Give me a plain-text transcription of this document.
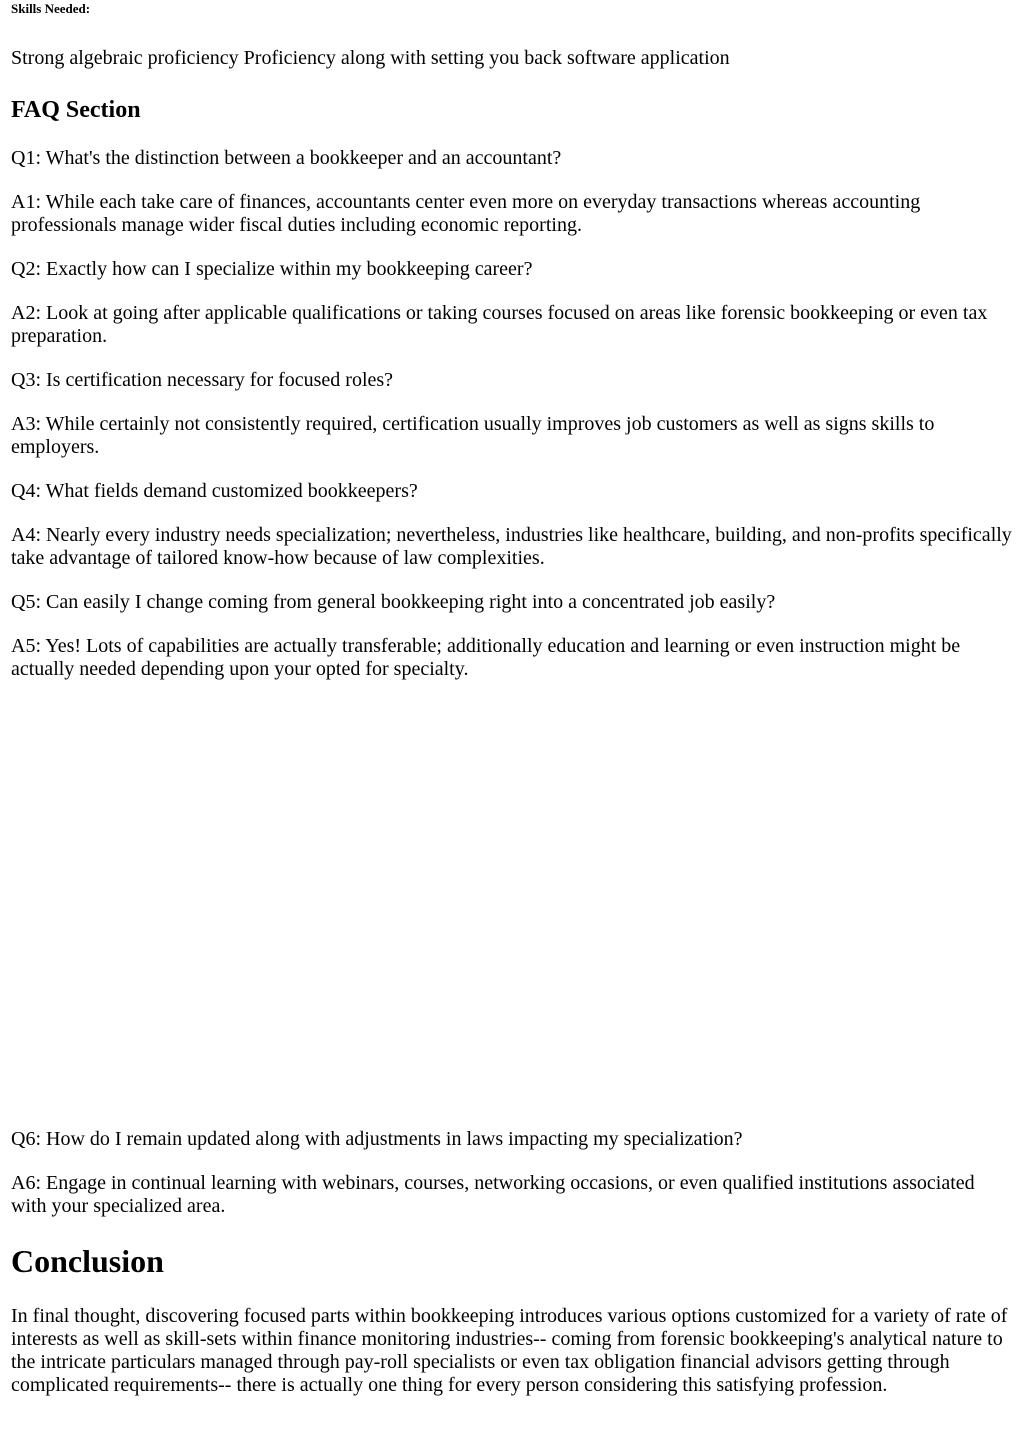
Skills Needed:

Strong algebraic proficiency Proficiency along with setting you back software application

FAQ Section

Q1: What's the distinction between a bookkeeper and an accountant?

A1: While each take care of finances, accountants center even more on everyday transactions whereas accounting professionals manage wider fiscal duties including economic reporting.

Q2: Exactly how can I specialize within my bookkeeping career?

A2: Look at going after applicable qualifications or taking courses focused on areas like forensic bookkeeping or even tax preparation.

Q3: Is certification necessary for focused roles?

A3: While certainly not consistently required, certification usually improves job customers as well as signs skills to employers.

Q4: What fields demand customized bookkeepers?

A4: Nearly every industry needs specialization; nevertheless, industries like healthcare, building, and non-profits specifically take advantage of tailored know-how because of law complexities.

Q5: Can easily I change coming from general bookkeeping right into a concentrated job easily?

A5: Yes! Lots of capabilities are actually transferable; additionally education and learning or even instruction might be actually needed depending upon your opted for specialty.

Q6: How do I remain updated along with adjustments in laws impacting my specialization?

A6: Engage in continual learning with webinars, courses, networking occasions, or even qualified institutions associated with your specialized area.

Conclusion

In final thought, discovering focused parts within bookkeeping introduces various options customized for a variety of rate of interests as well as skill-sets within finance monitoring industries-- coming from forensic bookkeeping's analytical nature to the intricate particulars managed through pay-roll specialists or even tax obligation financial advisors getting through complicated requirements-- there is actually one thing for every person considering this satisfying profession.
